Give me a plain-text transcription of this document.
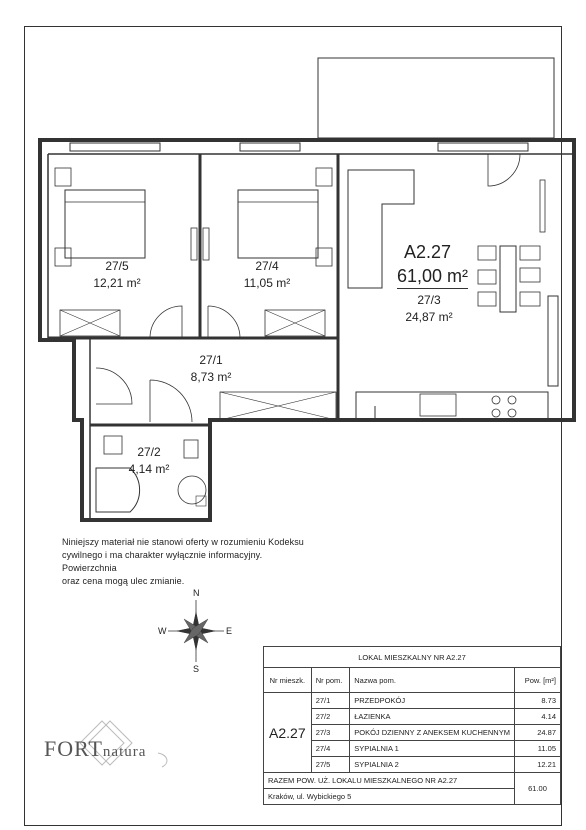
27/5
12,21 m²
27/4
11,05 m²
A2.27
61,00 m²
27/3
24,87 m²
27/1
8,73 m²
27/2
4,14 m²
Niniejszy materiał nie stanowi oferty w rozumieniu Kodeksu
cywilnego i ma charakter wyłącznie informacyjny. Powierzchnia
oraz cena mogą ulec zmianie.
N
S
E
W
FORTnatura
LOKAL MIESZKALNY NR A2.27			
Nr mieszk.	Nr pom.	Nazwa pom.	Pow. [m²]
A2.27	27/1	PRZEDPOKÓJ	8.73
	27/2	ŁAZIENKA	4.14
	27/3	POKÓJ DZIENNY Z ANEKSEM KUCHENNYM	24.87
	27/4	SYPIALNIA 1	11.05
	27/5	SYPIALNIA 2	12.21
RAZEM POW. UŻ. LOKALU MIESZKALNEGO NR A2.27			61.00
Kraków, ul. Wybickiego 5			
